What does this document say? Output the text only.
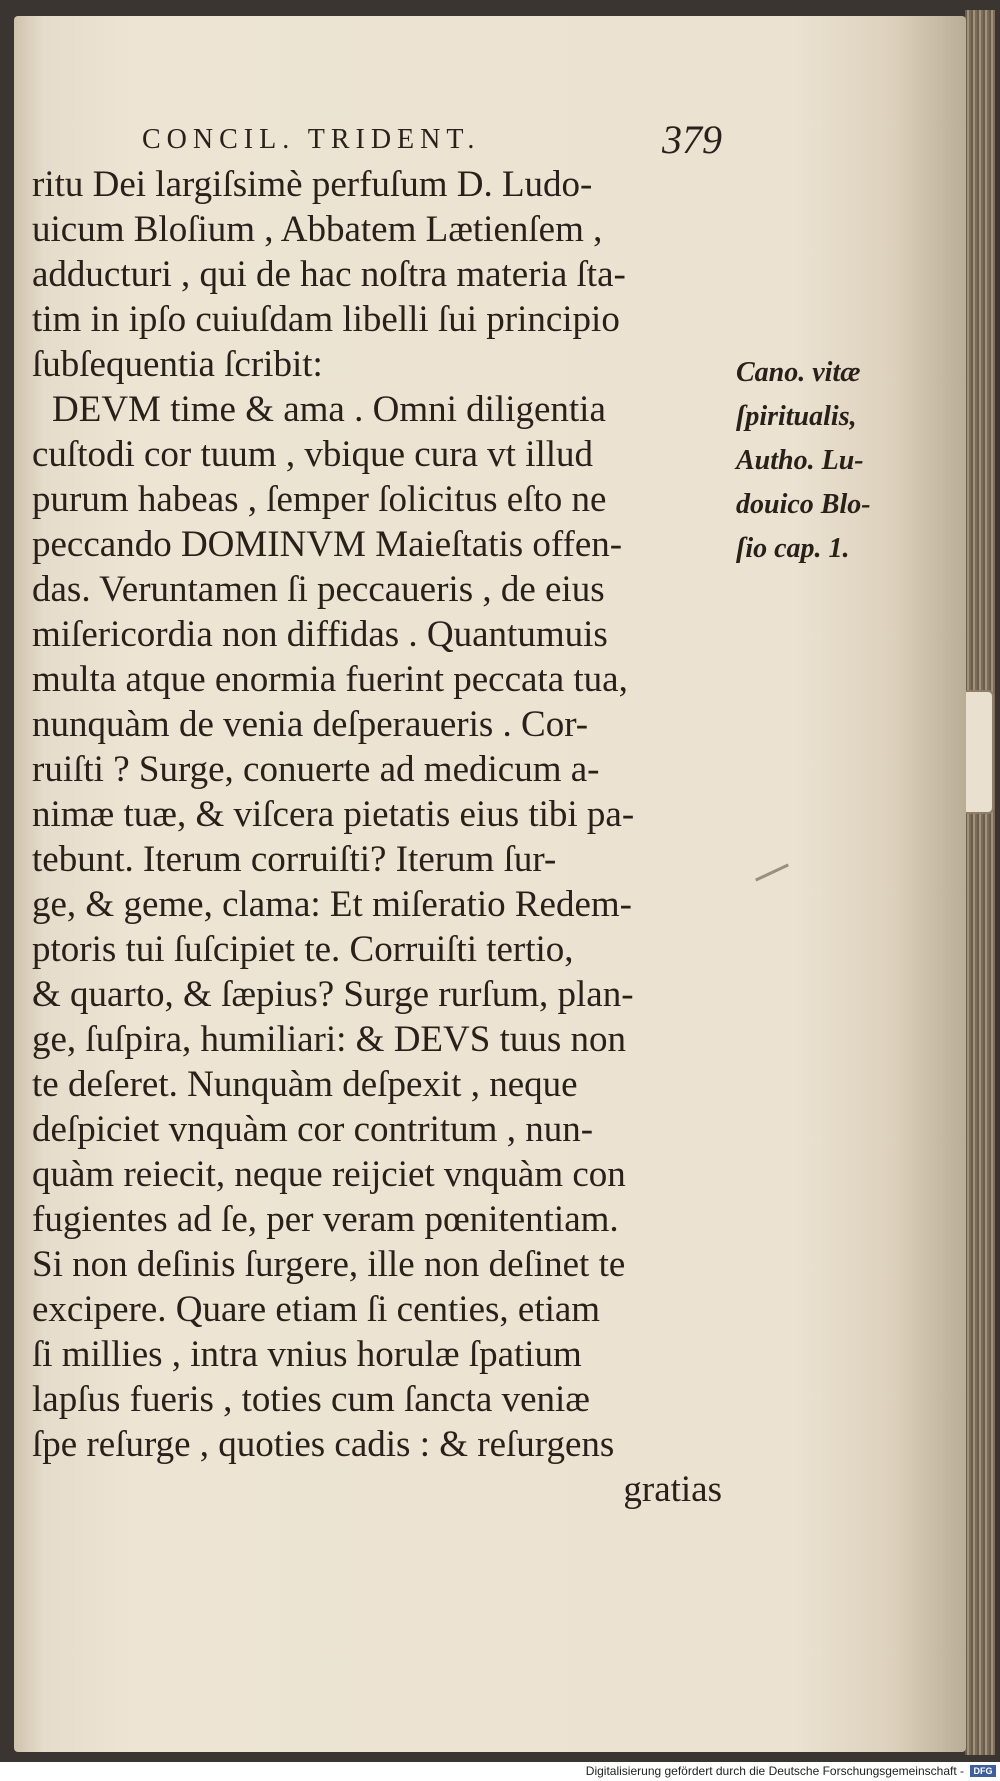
CONCIL. TRIDENT.	379
ritu Dei largiſsimè perfuſum D. Ludo-
uicum Bloſium , Abbatem Lætienſem ,
adducturi , qui de hac noſtra materia ſta-
tim in ipſo cuiuſdam libelli ſui principio
ſubſequentia ſcribit:
DEVM time & ama . Omni diligentia
cuſtodi cor tuum , vbique cura vt illud
purum habeas , ſemper ſolicitus eſto ne
peccando DOMINVM Maieſtatis offen-
das. Veruntamen ſi peccaueris , de eius
miſericordia non diffidas . Quantumuis
multa atque enormia fuerint peccata tua,
nunquàm de venia deſperaueris . Cor-
ruiſti ? Surge, conuerte ad medicum a-
nimæ tuæ, & viſcera pietatis eius tibi pa-
tebunt. Iterum corruiſti? Iterum ſur-
ge, & geme, clama: Et miſeratio Redem-
ptoris tui ſuſcipiet te. Corruiſti tertio,
& quarto, & ſæpius? Surge rurſum, plan-
ge, ſuſpira, humiliari: & DEVS tuus non
te deſeret. Nunquàm deſpexit , neque
deſpiciet vnquàm cor contritum , nun-
quàm reiecit, neque reijciet vnquàm con
fugientes ad ſe, per veram pœnitentiam.
Si non deſinis ſurgere, ille non deſinet te
excipere. Quare etiam ſi centies, etiam
ſi millies , intra vnius horulæ ſpatium
lapſus fueris , toties cum ſancta veniæ
ſpe reſurge , quoties cadis : & reſurgens
gratias
Cano. vitæ
ſpiritualis,
Autho. Lu-
douico Blo-
ſio cap. 1.
Digitalisierung gefördert durch die Deutsche Forschungsgemeinschaft -	DFG
